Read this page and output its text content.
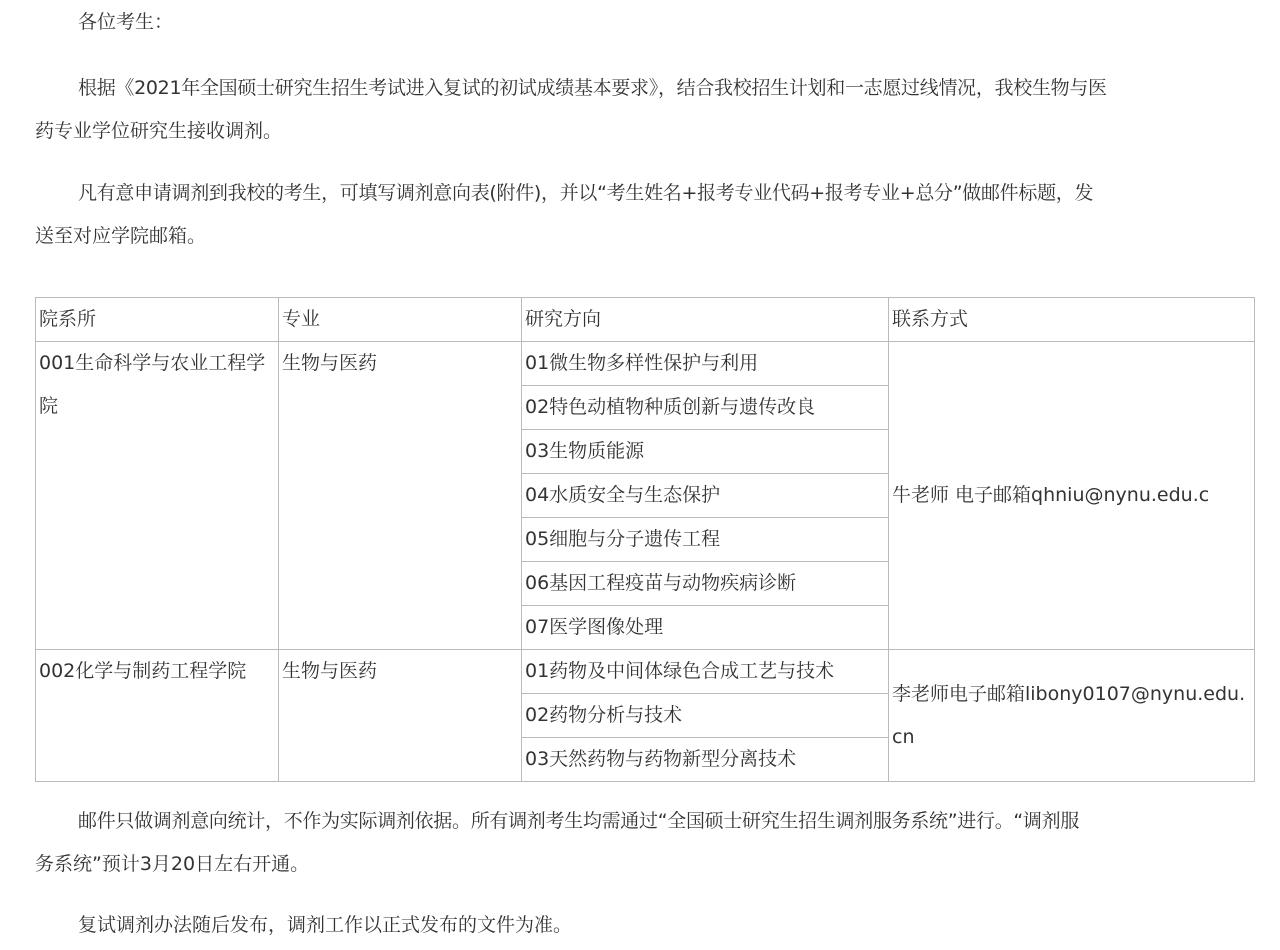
各位考生：
根据《2021年全国硕士研究生招生考试进入复试的初试成绩基本要求》，结合我校招生计划和一志愿过线情况，我校生物与医
药专业学位研究生接收调剂。
凡有意申请调剂到我校的考生，可填写调剂意向表(附件)，并以“考生姓名+报考专业代码+报考专业+总分”做邮件标题，发
送至对应学院邮箱。
院系所	专业	研究方向	联系方式
001生命科学与农业工程学院	生物与医药	01微生物多样性保护与利用	牛老师 电子邮箱qhniu@nynu.edu.c
		02特色动植物种质创新与遗传改良	
		03生物质能源	
		04水质安全与生态保护	
		05细胞与分子遗传工程	
		06基因工程疫苗与动物疾病诊断	
		07医学图像处理	
002化学与制药工程学院	生物与医药	01药物及中间体绿色合成工艺与技术	李老师电子邮箱libony0107@nynu.edu.cn
		02药物分析与技术	
		03天然药物与药物新型分离技术	
邮件只做调剂意向统计，不作为实际调剂依据。所有调剂考生均需通过“全国硕士研究生招生调剂服务系统”进行。“调剂服
务系统”预计3月20日左右开通。
复试调剂办法随后发布，调剂工作以正式发布的文件为准。
